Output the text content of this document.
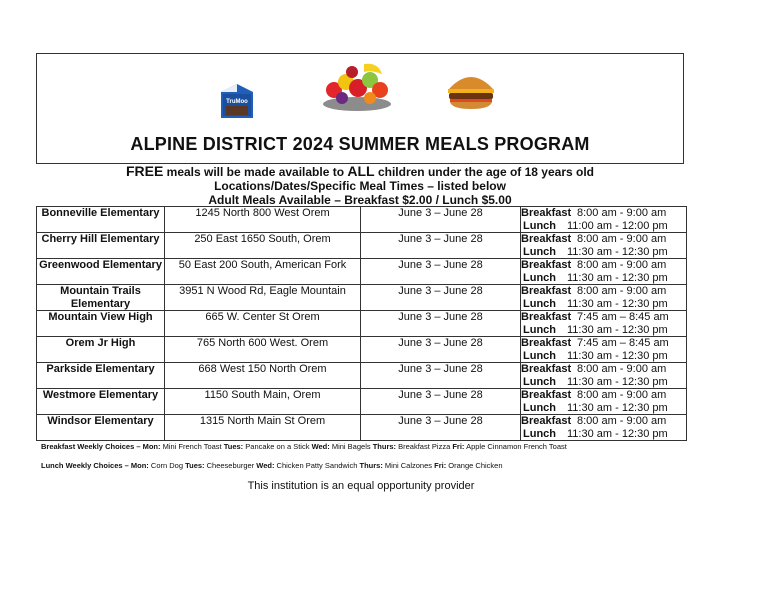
TruMoo
ALPINE DISTRICT 2024 SUMMER MEALS PROGRAM
FREE meals will be made available to ALL children under the age of 18 years old
Locations/Dates/Specific Meal Times – listed below
Adult Meals Available – Breakfast $2.00 / Lunch $5.00
Bonneville Elementary	1245 North 800 West Orem	June 3 – June 28	Breakfast 8:00 am - 9:00 am
Lunch 11:00 am - 12:00 pm

Cherry Hill Elementary	250 East 1650 South, Orem	June 3 – June 28	Breakfast 8:00 am - 9:00 am
Lunch 11:30 am - 12:30 pm

Greenwood Elementary	50 East 200 South, American Fork	June 3 – June 28	Breakfast 8:00 am - 9:00 am
Lunch 11:30 am - 12:30 pm

Mountain Trails Elementary	3951 N Wood Rd, Eagle Mountain	June 3 – June 28	Breakfast 8:00 am - 9:00 am
Lunch 11:30 am - 12:30 pm

Mountain View High	665 W. Center St Orem	June 3 – June 28	Breakfast 7:45 am – 8:45 am
Lunch 11:30 am - 12:30 pm

Orem Jr High	765 North 600 West. Orem	June 3 – June 28	Breakfast 7:45 am – 8:45 am
Lunch 11:30 am - 12:30 pm

Parkside Elementary	668 West 150 North Orem	June 3 – June 28	Breakfast 8:00 am - 9:00 am
Lunch 11:30 am - 12:30 pm

Westmore Elementary	1150 South Main, Orem	June 3 – June 28	Breakfast 8:00 am - 9:00 am
Lunch 11:30 am - 12:30 pm

Windsor Elementary	1315 North Main St Orem	June 3 – June 28	Breakfast 8:00 am - 9:00 am
Lunch 11:30 am - 12:30 pm
Breakfast Weekly Choices – Mon: Mini French Toast Tues: Pancake on a Stick Wed: Mini Bagels Thurs: Breakfast Pizza Fri: Apple Cinnamon French Toast
Lunch Weekly Choices – Mon: Corn Dog Tues: Cheeseburger Wed: Chicken Patty Sandwich Thurs: Mini Calzones Fri: Orange Chicken
This institution is an equal opportunity provider
